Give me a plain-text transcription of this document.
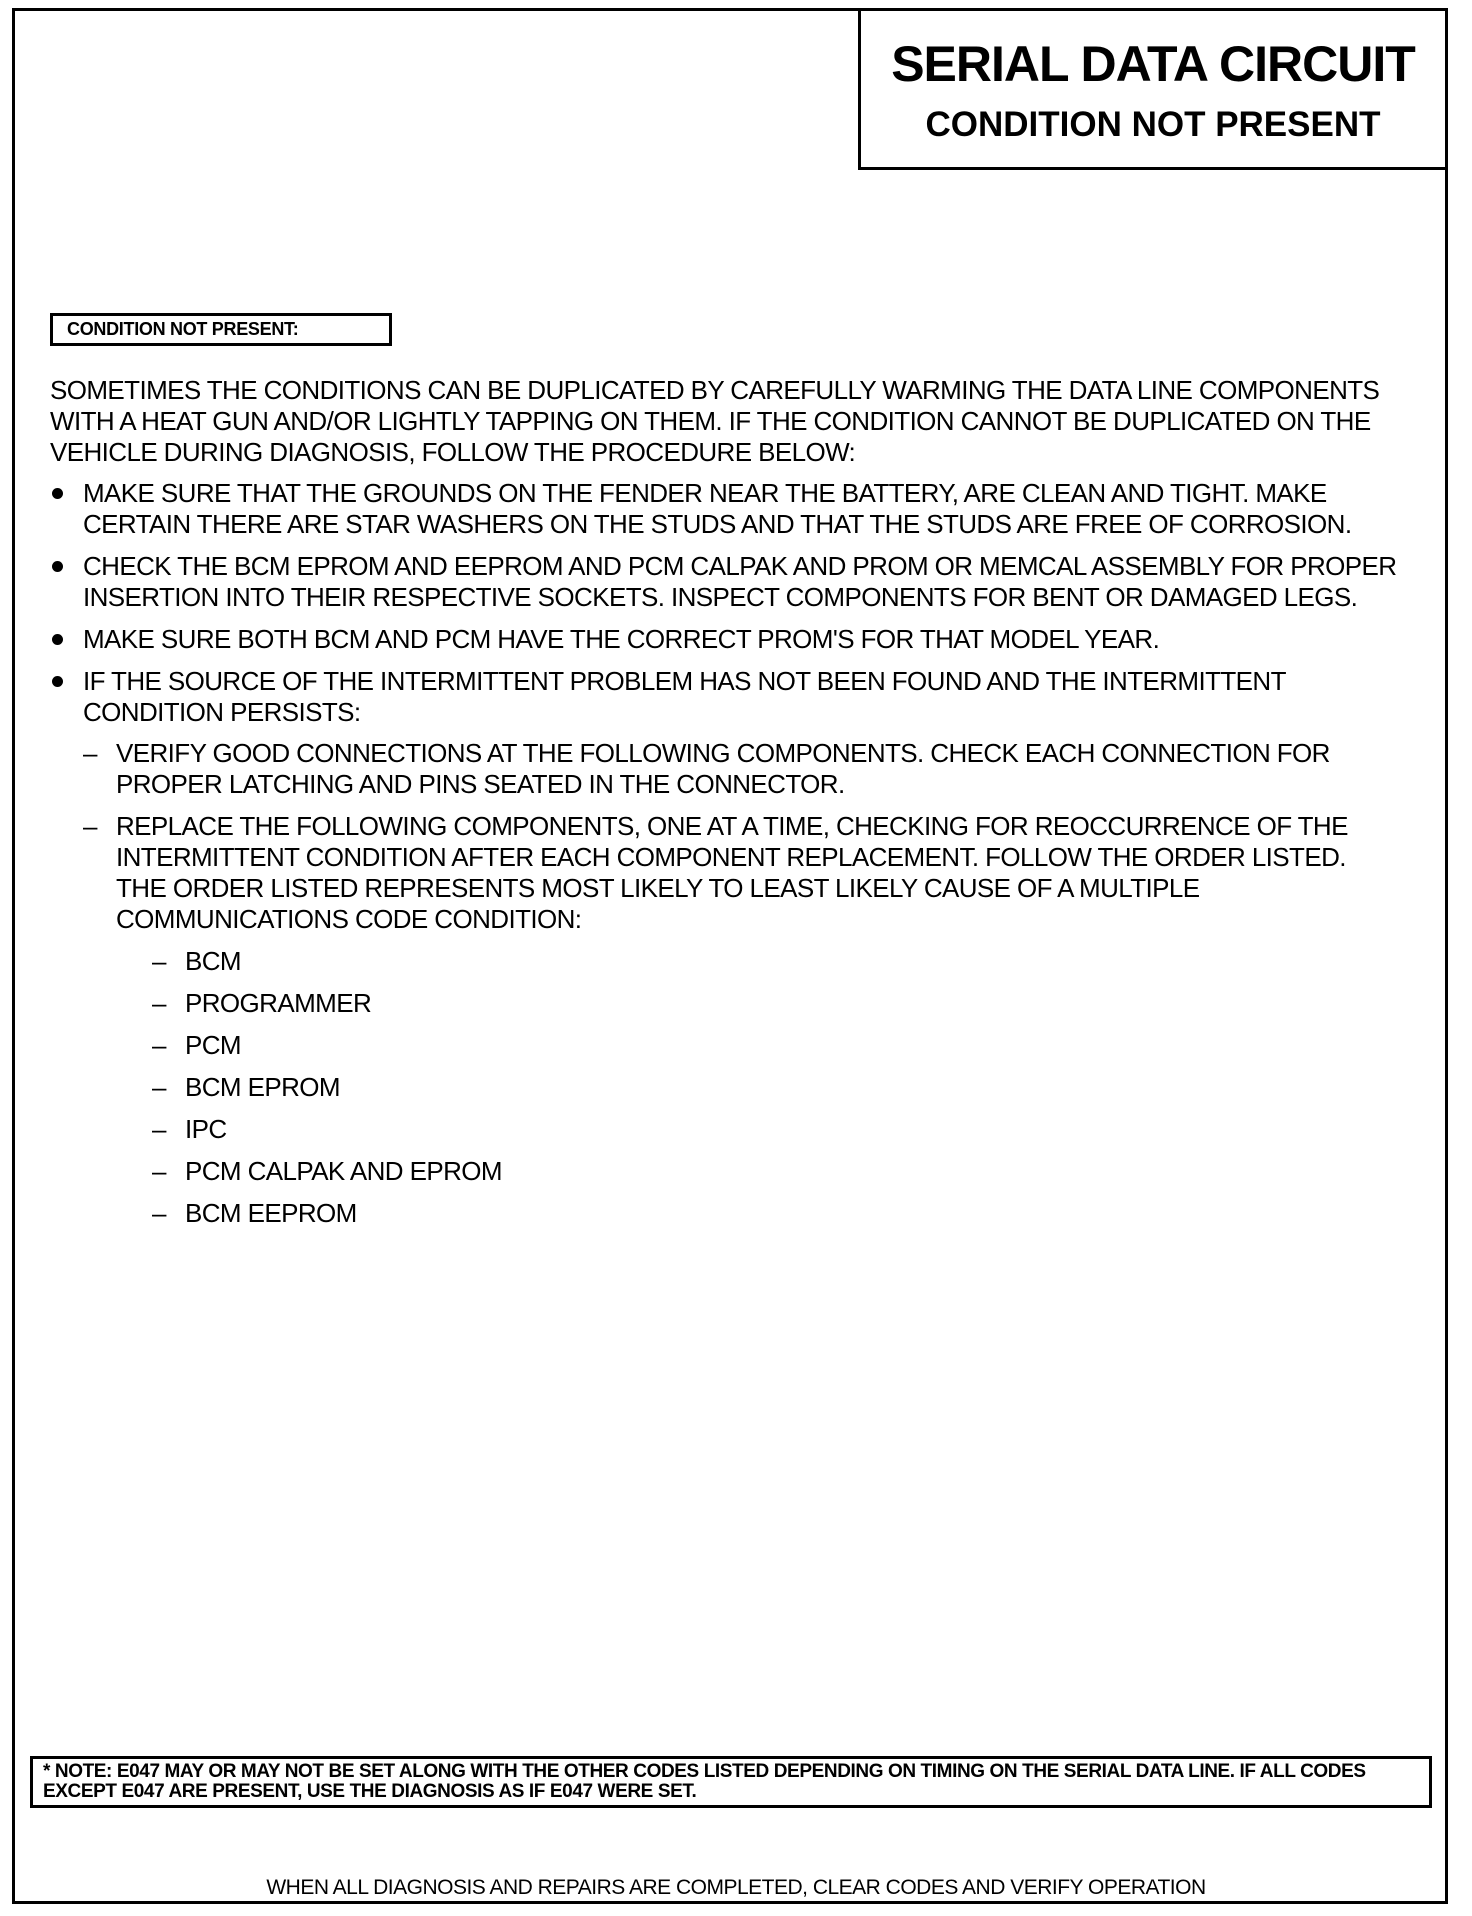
SERIAL DATA CIRCUIT
CONDITION NOT PRESENT
CONDITION NOT PRESENT:

SOMETIMES THE CONDITIONS CAN BE DUPLICATED BY CAREFULLY WARMING THE DATA LINE COMPONENTS WITH A HEAT GUN AND/OR LIGHTLY TAPPING ON THEM. IF THE CONDITION CANNOT BE DUPLICATED ON THE VEHICLE DURING DIAGNOSIS, FOLLOW THE PROCEDURE BELOW:

MAKE SURE THAT THE GROUNDS ON THE FENDER NEAR THE BATTERY, ARE CLEAN AND TIGHT. MAKE CERTAIN THERE ARE STAR WASHERS ON THE STUDS AND THAT THE STUDS ARE FREE OF CORROSION.
CHECK THE BCM EPROM AND EEPROM AND PCM CALPAK AND PROM OR MEMCAL ASSEMBLY FOR PROPER INSERTION INTO THEIR RESPECTIVE SOCKETS. INSPECT COMPONENTS FOR BENT OR DAMAGED LEGS.
MAKE SURE BOTH BCM AND PCM HAVE THE CORRECT PROM'S FOR THAT MODEL YEAR.
IF THE SOURCE OF THE INTERMITTENT PROBLEM HAS NOT BEEN FOUND AND THE INTERMITTENT CONDITION PERSISTS:
– VERIFY GOOD CONNECTIONS AT THE FOLLOWING COMPONENTS. CHECK EACH CONNECTION FOR PROPER LATCHING AND PINS SEATED IN THE CONNECTOR.
– REPLACE THE FOLLOWING COMPONENTS, ONE AT A TIME, CHECKING FOR REOCCURRENCE OF THE INTERMITTENT CONDITION AFTER EACH COMPONENT REPLACEMENT. FOLLOW THE ORDER LISTED. THE ORDER LISTED REPRESENTS MOST LIKELY TO LEAST LIKELY CAUSE OF A MULTIPLE COMMUNICATIONS CODE CONDITION:
– BCM
– PROGRAMMER
– PCM
– BCM EPROM
– IPC
– PCM CALPAK AND EPROM
– BCM EEPROM
* NOTE: E047 MAY OR MAY NOT BE SET ALONG WITH THE OTHER CODES LISTED DEPENDING ON TIMING ON THE SERIAL DATA LINE. IF ALL CODES EXCEPT E047 ARE PRESENT, USE THE DIAGNOSIS AS IF E047 WERE SET.
WHEN ALL DIAGNOSIS AND REPAIRS ARE COMPLETED, CLEAR CODES AND VERIFY OPERATION
